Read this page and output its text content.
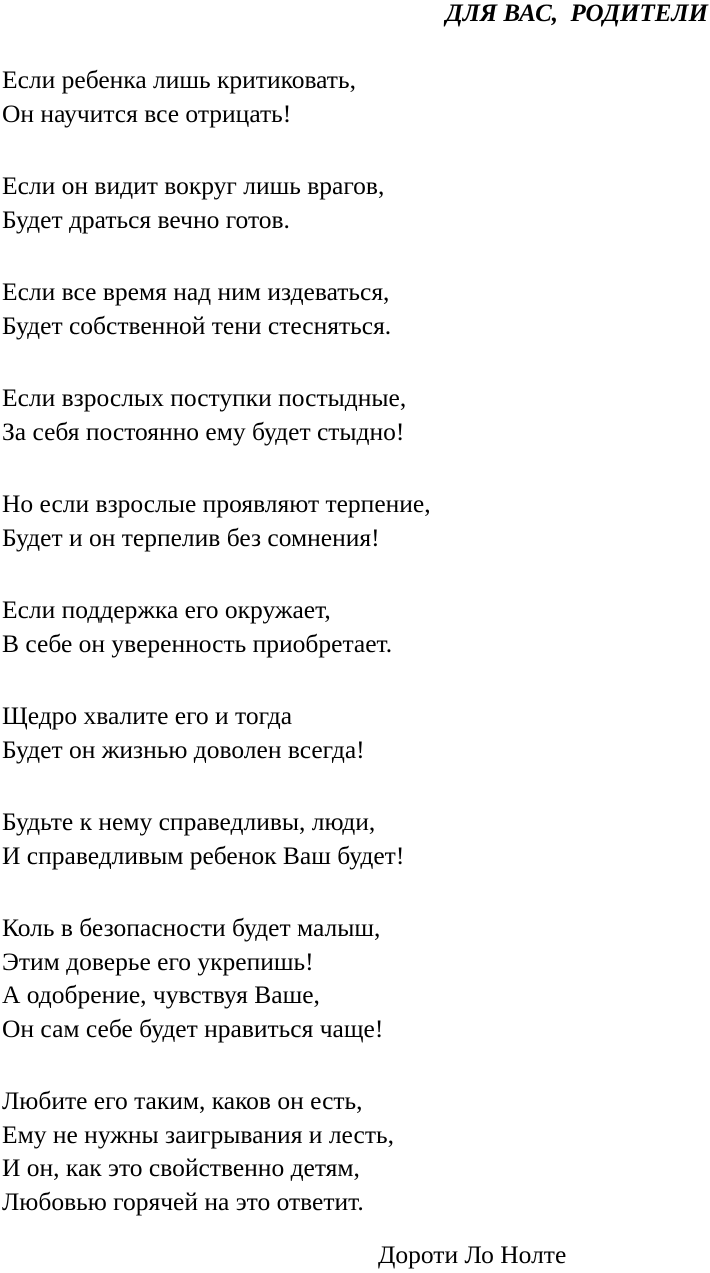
ДЛЯ ВАС,  РОДИТЕЛИ
Если ребенка лишь критиковать,
Он научится все отрицать!
Если он видит вокруг лишь врагов,
Будет драться вечно готов.
Если все время над ним издеваться,
Будет собственной тени стесняться.
Если взрослых поступки постыдные,
За себя постоянно ему будет стыдно!
Но если взрослые проявляют терпение,
Будет и он терпелив без сомнения!
Если поддержка его окружает,
В себе он уверенность приобретает.
Щедро хвалите его и тогда
Будет он жизнью доволен всегда!
Будьте к нему справедливы, люди,
И справедливым ребенок Ваш будет!
Коль в безопасности будет малыш,
Этим доверье его укрепишь!
А одобрение, чувствуя Ваше,
Он сам себе будет нравиться чаще!
Любите его таким, каков он есть,
Ему не нужны заигрывания и лесть,
И он, как это свойственно детям,
Любовью горячей на это ответит.
Дороти Ло Нолте
